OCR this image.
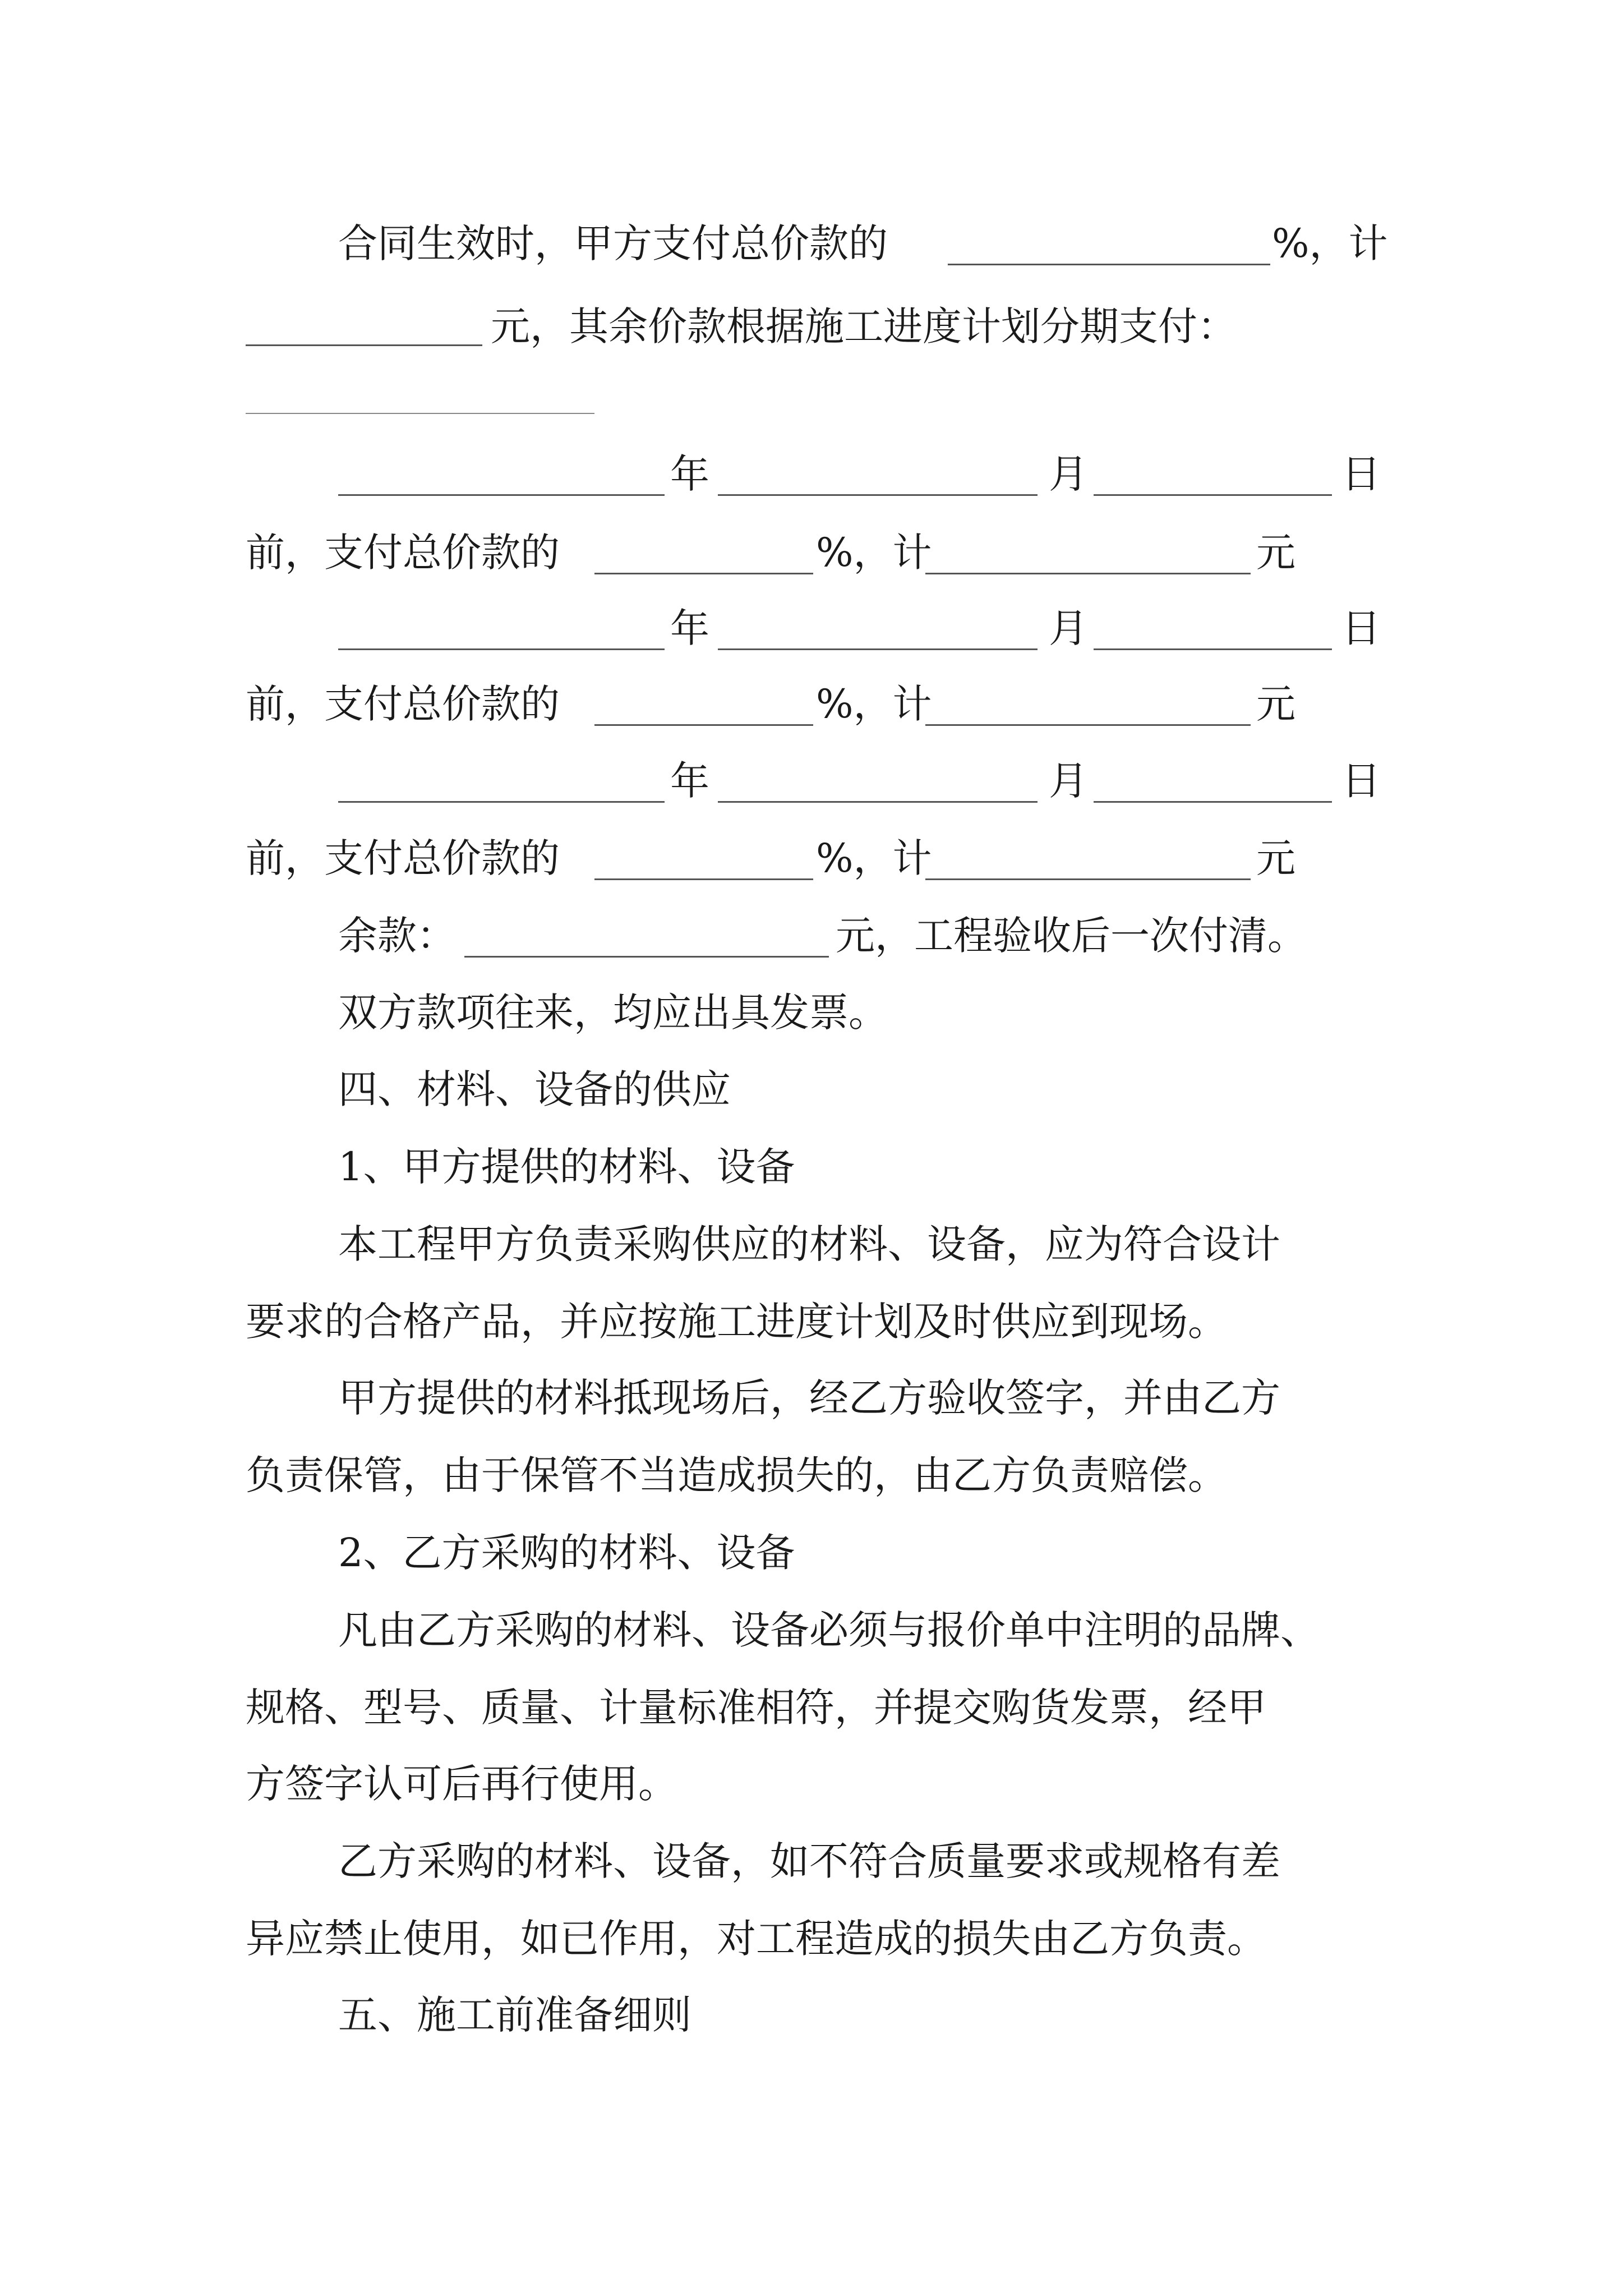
合同生效时，甲方支付总价款的	%，计
元，其余价款根据施工进度计划分期支付：
年	月	日
前，支付总价款的	%，计	元
年	月	日
前，支付总价款的	%，计	元
年	月	日
前，支付总价款的	%，计	元
余款：	元，工程验收后一次付清。
双方款项往来，均应出具发票。
四、材料、设备的供应
1、甲方提供的材料、设备
本工程甲方负责采购供应的材料、设备，应为符合设计
要求的合格产品，并应按施工进度计划及时供应到现场。
甲方提供的材料抵现场后，经乙方验收签字，并由乙方
负责保管，由于保管不当造成损失的，由乙方负责赔偿。
2、乙方采购的材料、设备
凡由乙方采购的材料、设备必须与报价单中注明的品牌、
规格、型号、质量、计量标准相符，并提交购货发票，经甲
方签字认可后再行使用。
乙方采购的材料、设备，如不符合质量要求或规格有差
异应禁止使用，如已作用，对工程造成的损失由乙方负责。
五、施工前准备细则
